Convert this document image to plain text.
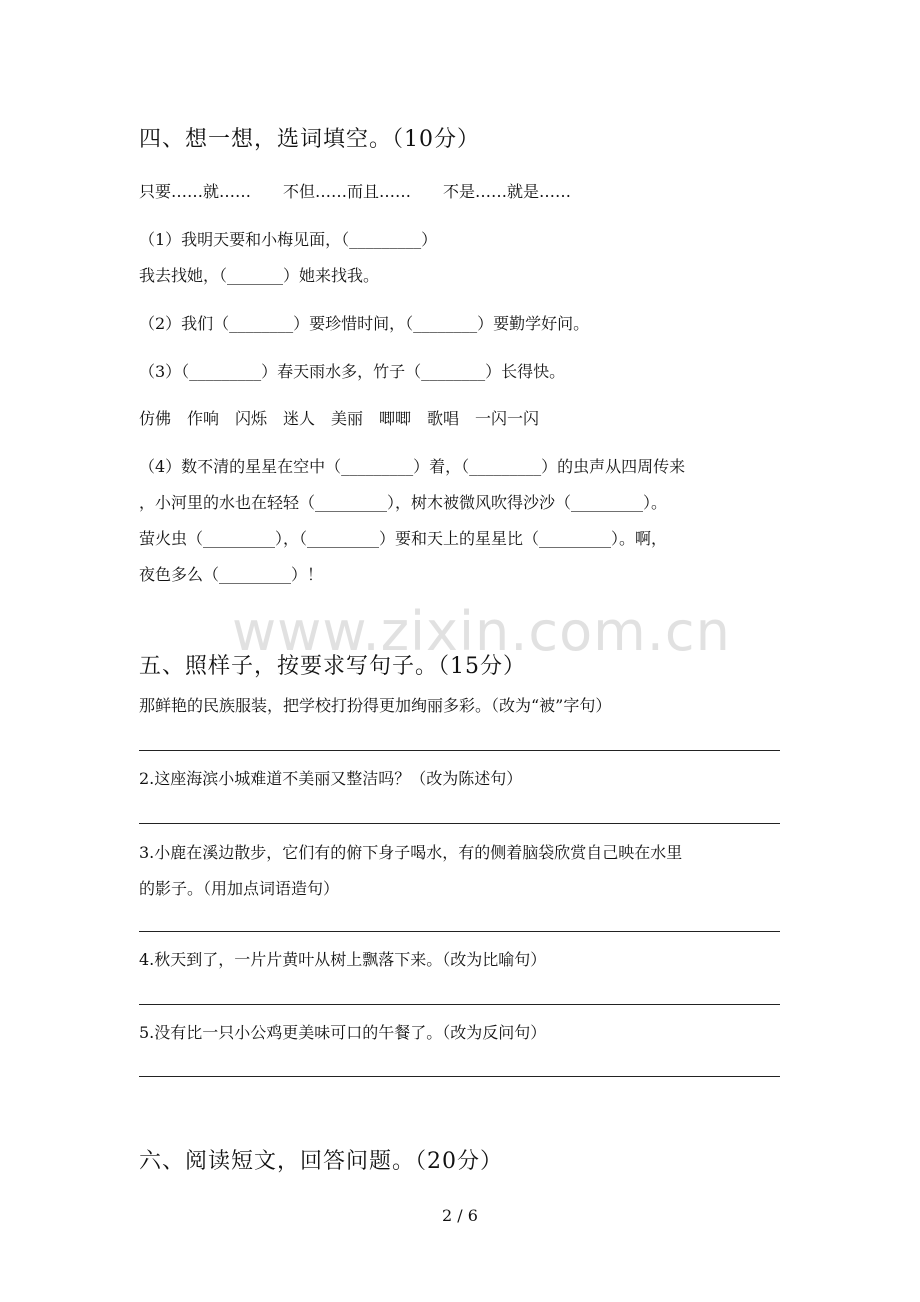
四、想一想，选词填空。（10分）
只要……就……　　不但……而且……　　不是……就是……
（1）我明天要和小梅见面，（_________）
我去找她，（_______）她来找我。
（2）我们（________）要珍惜时间，（________）要勤学好问。
（3）（_________）春天雨水多，竹子（________）长得快。
仿佛　作响　闪烁　迷人　美丽　唧唧　歌唱　一闪一闪
（4）数不清的星星在空中（_________）着，（_________）的虫声从四周传来
，小河里的水也在轻轻（_________），树木被微风吹得沙沙（_________）。
萤火虫（_________），（_________）要和天上的星星比（_________）。啊，
夜色多么（_________）！
www.zixin.com.cn
五、照样子，按要求写句子。（15分）
那鲜艳的民族服装，把学校打扮得更加绚丽多彩。（改为“被”字句）
2.这座海滨小城难道不美丽又整洁吗？（改为陈述句）
3.小鹿在溪边散步，它们有的俯下身子喝水，有的侧着脑袋欣赏自己映在水里
的影子。（用加点词语造句）
4.秋天到了，一片片黄叶从树上飘落下来。（改为比喻句）
5.没有比一只小公鸡更美味可口的午餐了。（改为反问句）
六、阅读短文，回答问题。（20分）
2 / 6
